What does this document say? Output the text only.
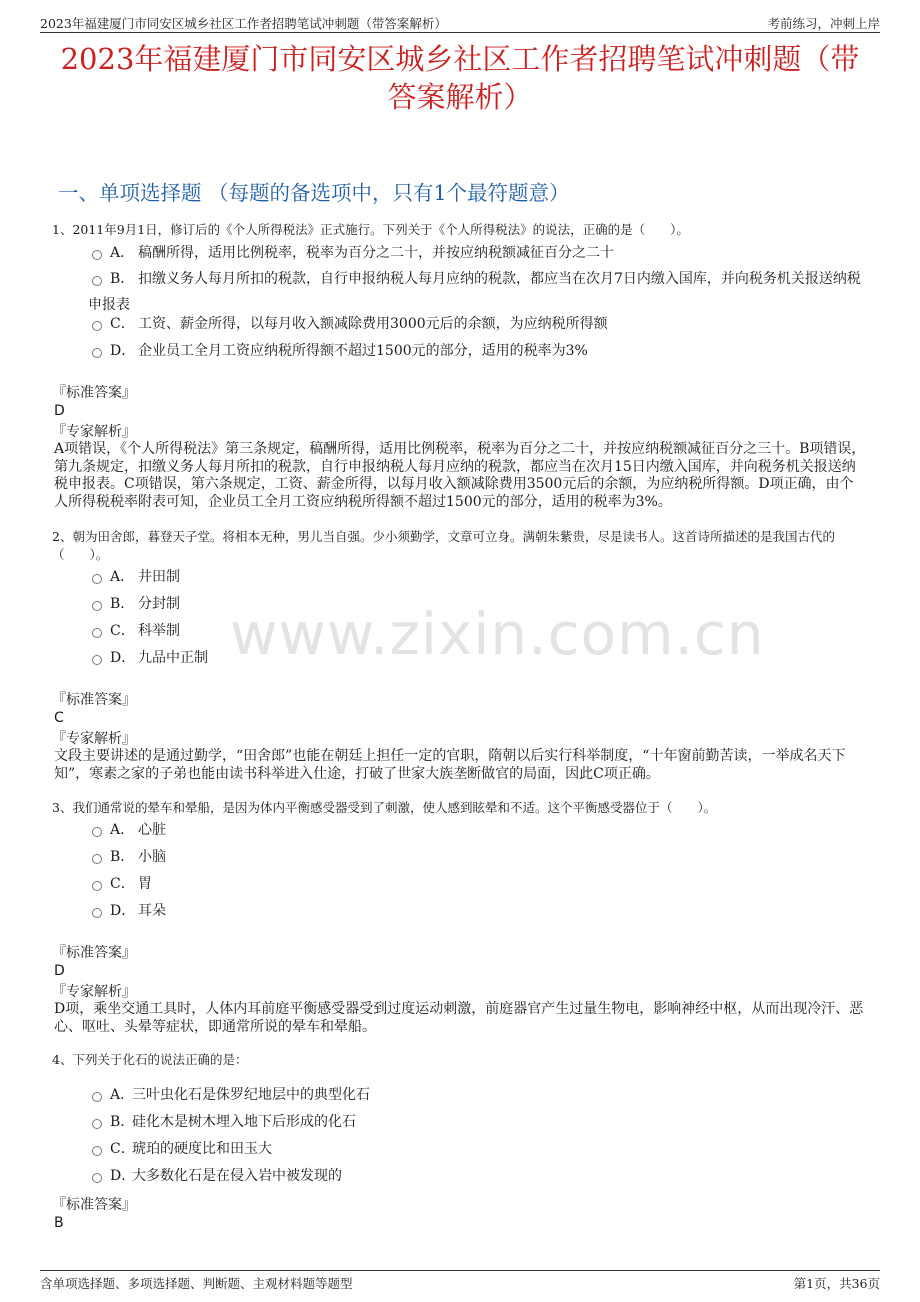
2023年福建厦门市同安区城乡社区工作者招聘笔试冲刺题（带答案解析）	考前练习，冲刺上岸
2023年福建厦门市同安区城乡社区工作者招聘笔试冲刺题（带答案解析）
一、单项选择题 （每题的备选项中，只有1个最符题意）
www.zixin.com.cn
1、2011年9月1日，修订后的《个人所得税法》正式施行。下列关于《个人所得税法》的说法，正确的是（　　）。
A． 稿酬所得，适用比例税率，税率为百分之二十，并按应纳税额减征百分之二十
B． 扣缴义务人每月所扣的税款，自行申报纳税人每月应纳的税款，都应当在次月7日内缴入国库，并向税务机关报送纳税申报表
C． 工资、薪金所得，以每月收入额减除费用3000元后的余额，为应纳税所得额
D． 企业员工全月工资应纳税所得额不超过1500元的部分，适用的税率为3%
『标准答案』
D
『专家解析』
A项错误，《个人所得税法》第三条规定，稿酬所得，适用比例税率，税率为百分之二十，并按应纳税额减征百分之三十。B项错误，第九条规定，扣缴义务人每月所扣的税款，自行申报纳税人每月应纳的税款，都应当在次月15日内缴入国库，并向税务机关报送纳税申报表。C项错误，第六条规定，工资、薪金所得，以每月收入额减除费用3500元后的余额，为应纳税所得额。D项正确，由个人所得税税率附表可知，企业员工全月工资应纳税所得额不超过1500元的部分，适用的税率为3%。
2、朝为田舍郎，暮登天子堂。将相本无种，男儿当自强。少小须勤学，文章可立身。满朝朱紫贵，尽是读书人。这首诗所描述的是我国古代的（　　）。
A． 井田制
B． 分封制
C． 科举制
D． 九品中正制
『标准答案』
C
『专家解析』
文段主要讲述的是通过勤学，“田舍郎”也能在朝廷上担任一定的官职，隋朝以后实行科举制度，“十年窗前勤苦读，一举成名天下知”，寒素之家的子弟也能由读书科举进入仕途，打破了世家大族垄断做官的局面，因此C项正确。
3、我们通常说的晕车和晕船，是因为体内平衡感受器受到了刺激，使人感到眩晕和不适。这个平衡感受器位于（　　）。
A． 心脏
B． 小脑
C． 胃
D． 耳朵
『标准答案』
D
『专家解析』
D项，乘坐交通工具时，人体内耳前庭平衡感受器受到过度运动刺激，前庭器官产生过量生物电，影响神经中枢，从而出现冷汗、恶心、呕吐、头晕等症状，即通常所说的晕车和晕船。
4、下列关于化石的说法正确的是：
A．三叶虫化石是侏罗纪地层中的典型化石
B．硅化木是树木埋入地下后形成的化石
C．琥珀的硬度比和田玉大
D．大多数化石是在侵入岩中被发现的
『标准答案』
B
含单项选择题、多项选择题、判断题、主观材料题等题型	第1页，共36页
